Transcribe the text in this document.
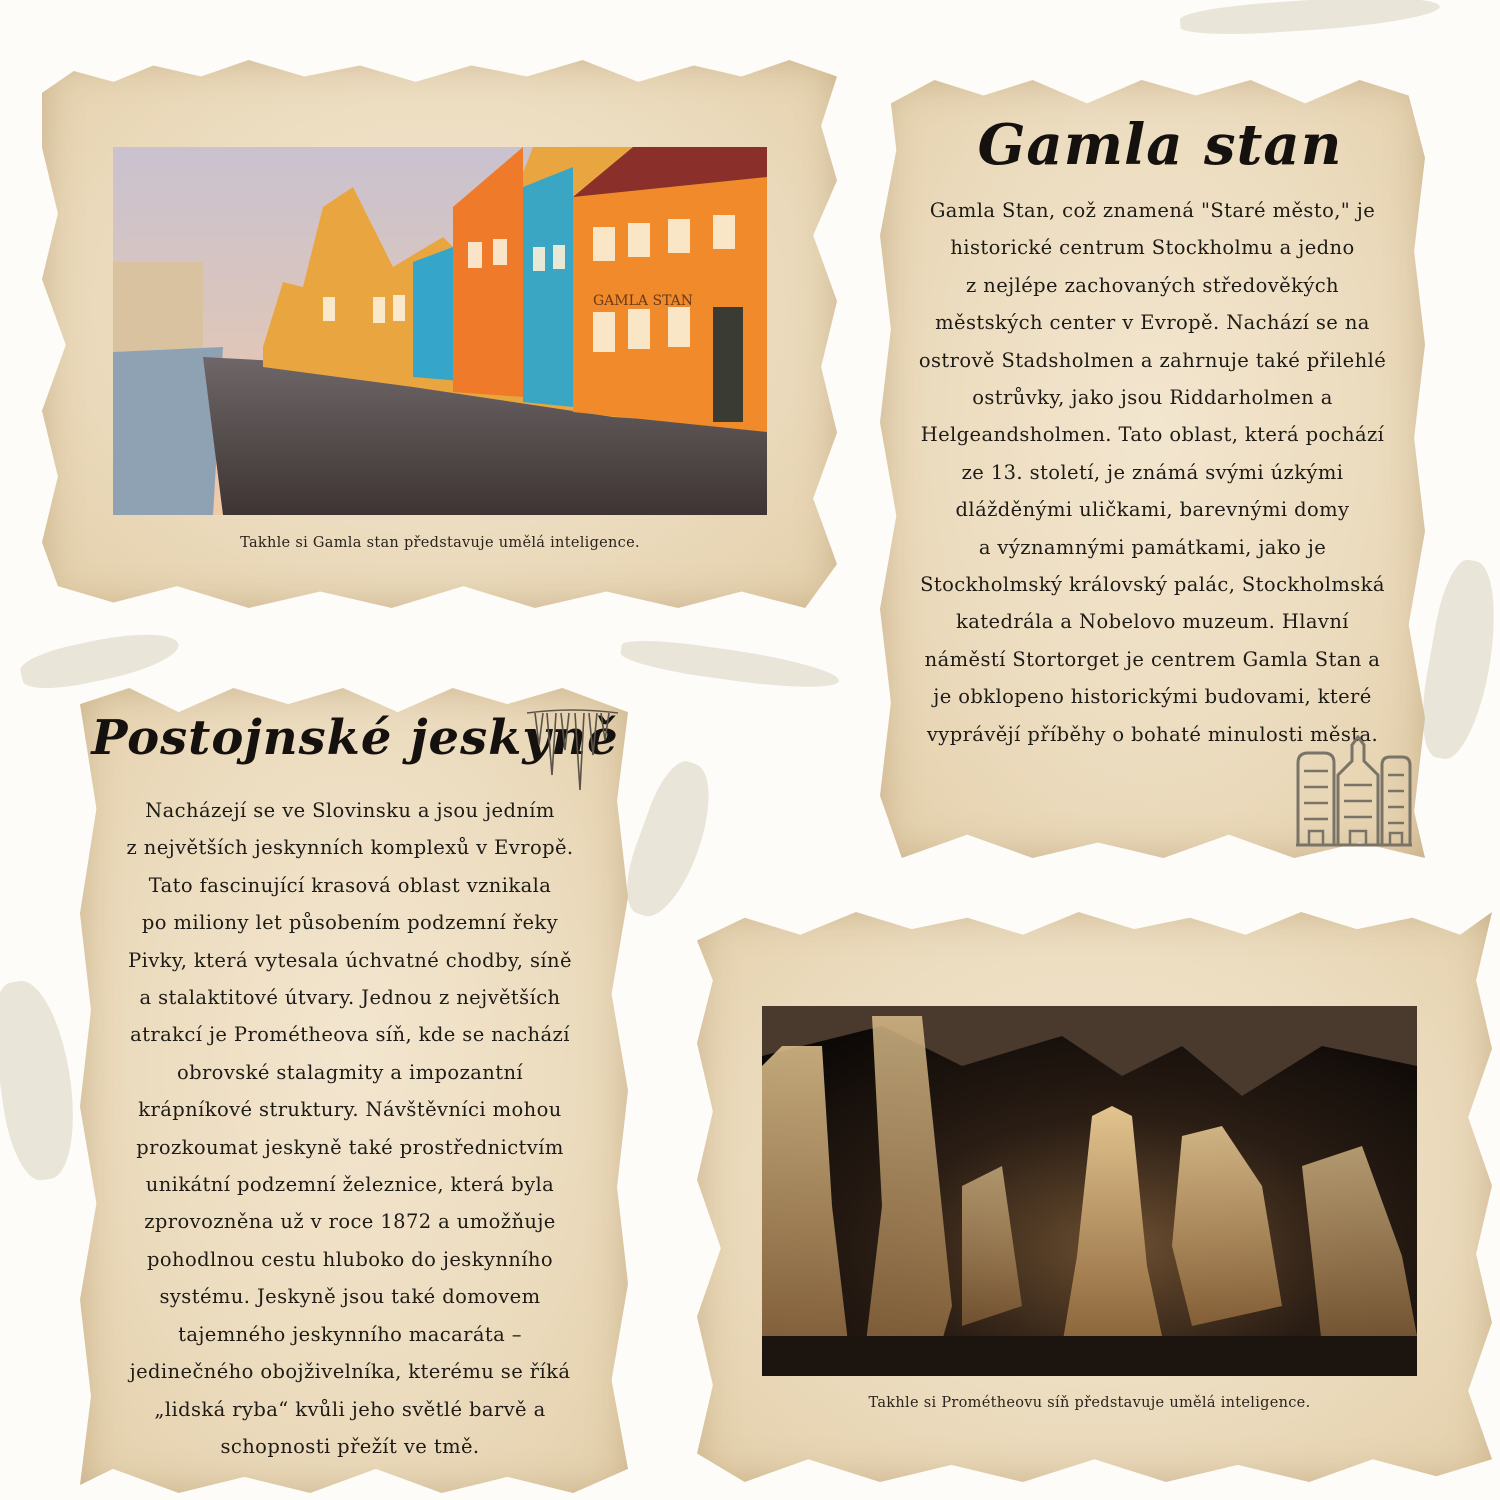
GAMLA STAN
Takhle si Gamla stan představuje umělá inteligence.
Gamla stan
Gamla Stan, což znamená "Staré město," je
historické centrum Stockholmu a jedno
z nejlépe zachovaných středověkých
městských center v Evropě. Nachází se na
ostrově Stadsholmen a zahrnuje také přilehlé
ostrůvky, jako jsou Riddarholmen a
Helgeandsholmen. Tato oblast, která pochází
ze 13. století, je známá svými úzkými
dlážděnými uličkami, barevnými domy
a významnými památkami, jako je
Stockholmský královský palác, Stockholmská
katedrála a Nobelovo muzeum. Hlavní
náměstí Stortorget je centrem Gamla Stan a
je obklopeno historickými budovami, které
vyprávějí příběhy o bohaté minulosti města.
Postojnské jeskyně
Nacházejí se ve Slovinsku a jsou jedním
z největších jeskynních komplexů v Evropě.
Tato fascinující krasová oblast vznikala
po miliony let působením podzemní řeky
Pivky, která vytesala úchvatné chodby, síně
a stalaktitové útvary. Jednou z největších
atrakcí je Prométheova síň, kde se nachází
obrovské stalagmity a impozantní
krápníkové struktury. Návštěvníci mohou
prozkoumat jeskyně také prostřednictvím
unikátní podzemní železnice, která byla
zprovozněna už v roce 1872 a umožňuje
pohodlnou cestu hluboko do jeskynního
systému. Jeskyně jsou také domovem
tajemného jeskynního macaráta –
jedinečného obojživelníka, kterému se říká
„lidská ryba“ kvůli jeho světlé barvě a
schopnosti přežít ve tmě.
Takhle si Prométheovu síň představuje umělá inteligence.
